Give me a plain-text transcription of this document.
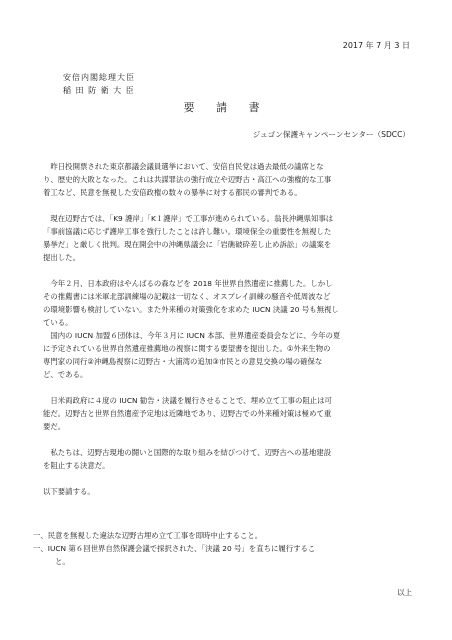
2017 年 7 月 3 日
安倍内閣総理大臣
稲 田 防 衛 大 臣
要 請 書
ジュゴン保護キャンペーンセンター（SDCC）

　昨日投開票された東京都議会議員選挙において、安倍自民党は過去最低の議席とな
り、歴史的大敗となった。これは共謀罪法の強行成立や辺野古・高江への強権的な工事
着工など、民意を無視した安倍政権の数々の暴挙に対する都民の審判である。

　現在辺野古では、「K9 護岸」「K１護岸」で工事が進められている。翁長沖縄県知事は
「事前協議に応じず護岸工事を強行したことは許し難い。環境保全の重要性を無視した
暴挙だ」と厳しく批判。現在開会中の沖縄県議会に「岩礁破砕差し止め訴訟」の議案を
提出した。

　今年２月、日本政府はやんばるの森などを 2018 年世界自然遺産に推薦した。しかし
その推薦書には米軍北部訓練場の記載は一切なく、オスプレイ訓練の騒音や低周波など
の環境影響も検討していない。また外来種の対策強化を求めた IUCN 決議 20 号も無視し
ている。

　国内の IUCN 加盟６団体は、今年３月に IUCN 本部、世界遺産委員会などに、今年の夏
に予定されている世界自然遺産推薦地の視察に関する要望書を提出した。①外来生物の
専門家の同行②沖縄島視察に辺野古・大浦湾の追加③市民との意見交換の場の確保な
ど、である。

　日米両政府に４度の IUCN 勧告・決議を履行させることで、埋め立て工事の阻止は可
能だ。辺野古と世界自然遺産予定地は近隣地であり、辺野古での外来種対策は極めて重
要だ。

　私たちは、辺野古現地の闘いと国際的な取り組みを結びつけて、辺野古への基地建設
を阻止する決意だ。

以下要請する。

一、民意を無視した違法な辺野古埋め立て工事を即時中止すること。
一、IUCN 第６回世界自然保護会議で採択された、「決議 20 号」を直ちに履行するこ
と。
以上
